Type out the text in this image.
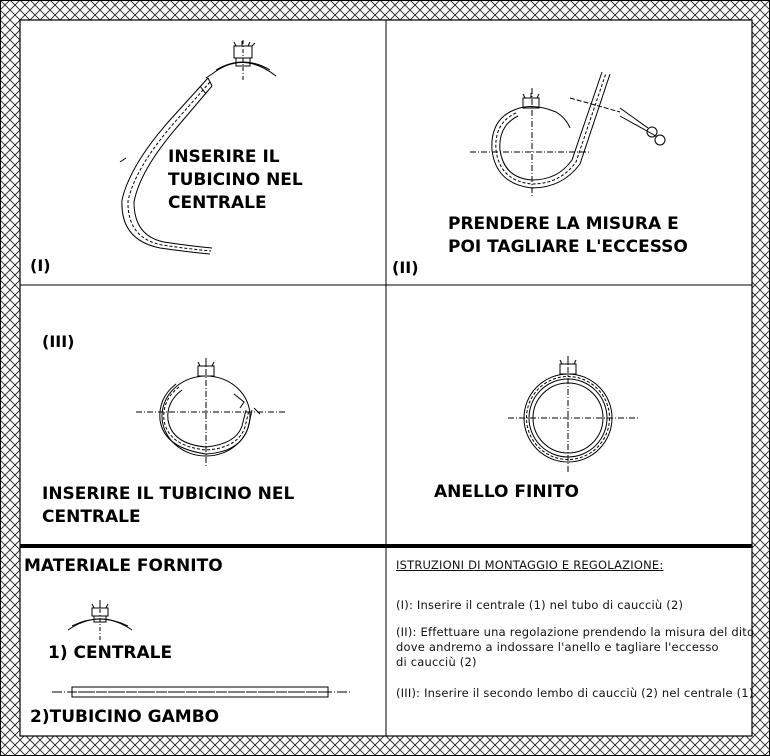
INSERIRE IL
TUBICINO NEL
CENTRALE
(I)
PRENDERE LA MISURA E
POI TAGLIARE L'ECCESSO
(II)
(III)
INSERIRE IL TUBICINO NEL
CENTRALE
ANELLO FINITO
MATERIALE FORNITO
1) CENTRALE
2)TUBICINO GAMBO
ISTRUZIONI DI MONTAGGIO E REGOLAZIONE:
(I): Inserire il centrale (1) nel tubo di caucciù (2)
(II): Effettuare una regolazione prendendo la misura del dito
dove andremo a indossare l'anello e tagliare l'eccesso
di caucciù (2)
(III): Inserire il secondo lembo di caucciù (2) nel centrale (1)
